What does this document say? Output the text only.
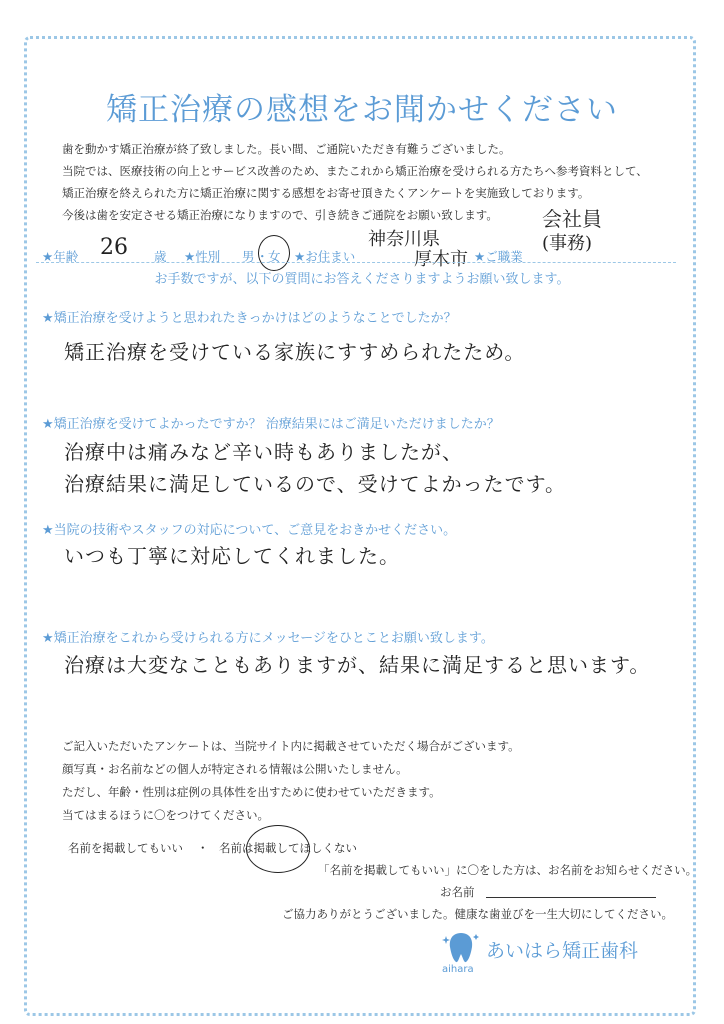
矯正治療の感想をお聞かせください
歯を動かす矯正治療が終了致しました。長い間、ご通院いただき有難うございました。
当院では、医療技術の向上とサービス改善のため、またこれから矯正治療を受けられる方たちへ参考資料として、
矯正治療を終えられた方に矯正治療に関する感想をお寄せ頂きたくアンケートを実施致しております。
今後は歯を安定させる矯正治療になりますので、引き続きご通院をお願い致します。
★年齢 26 歳 ★性別 男 ・ 女 ★お住まい
神奈川県
厚木市 ★ご職業
会社員
(事務)
お手数ですが、以下の質問にお答えくださりますようお願い致します。
★矯正治療を受けようと思われたきっかけはどのようなことでしたか？
矯正治療を受けている家族にすすめられたため。
★矯正治療を受けてよかったですか？ 治療結果にはご満足いただけましたか？
治療中は痛みなど辛い時もありましたが、
治療結果に満足しているので、受けてよかったです。
★当院の技術やスタッフの対応について、ご意見をおきかせください。
いつも丁寧に対応してくれました。
★矯正治療をこれから受けられる方にメッセージをひとことお願い致します。
治療は大変なこともありますが、結果に満足すると思います。
ご記入いただいたアンケートは、当院サイト内に掲載させていただく場合がございます。
顔写真・お名前などの個人が特定される情報は公開いたしません。
ただし、年齢・性別は症例の具体性を出すために使わせていただきます。
当てはまるほうに〇をつけてください。
名前を掲載してもいい ・ 名前は掲載してほしくない
「名前を掲載してもいい」に〇をした方は、お名前をお知らせください。
お名前
ご協力ありがとうございました。健康な歯並びを一生大切にしてください。
aihara
あいはら矯正歯科
